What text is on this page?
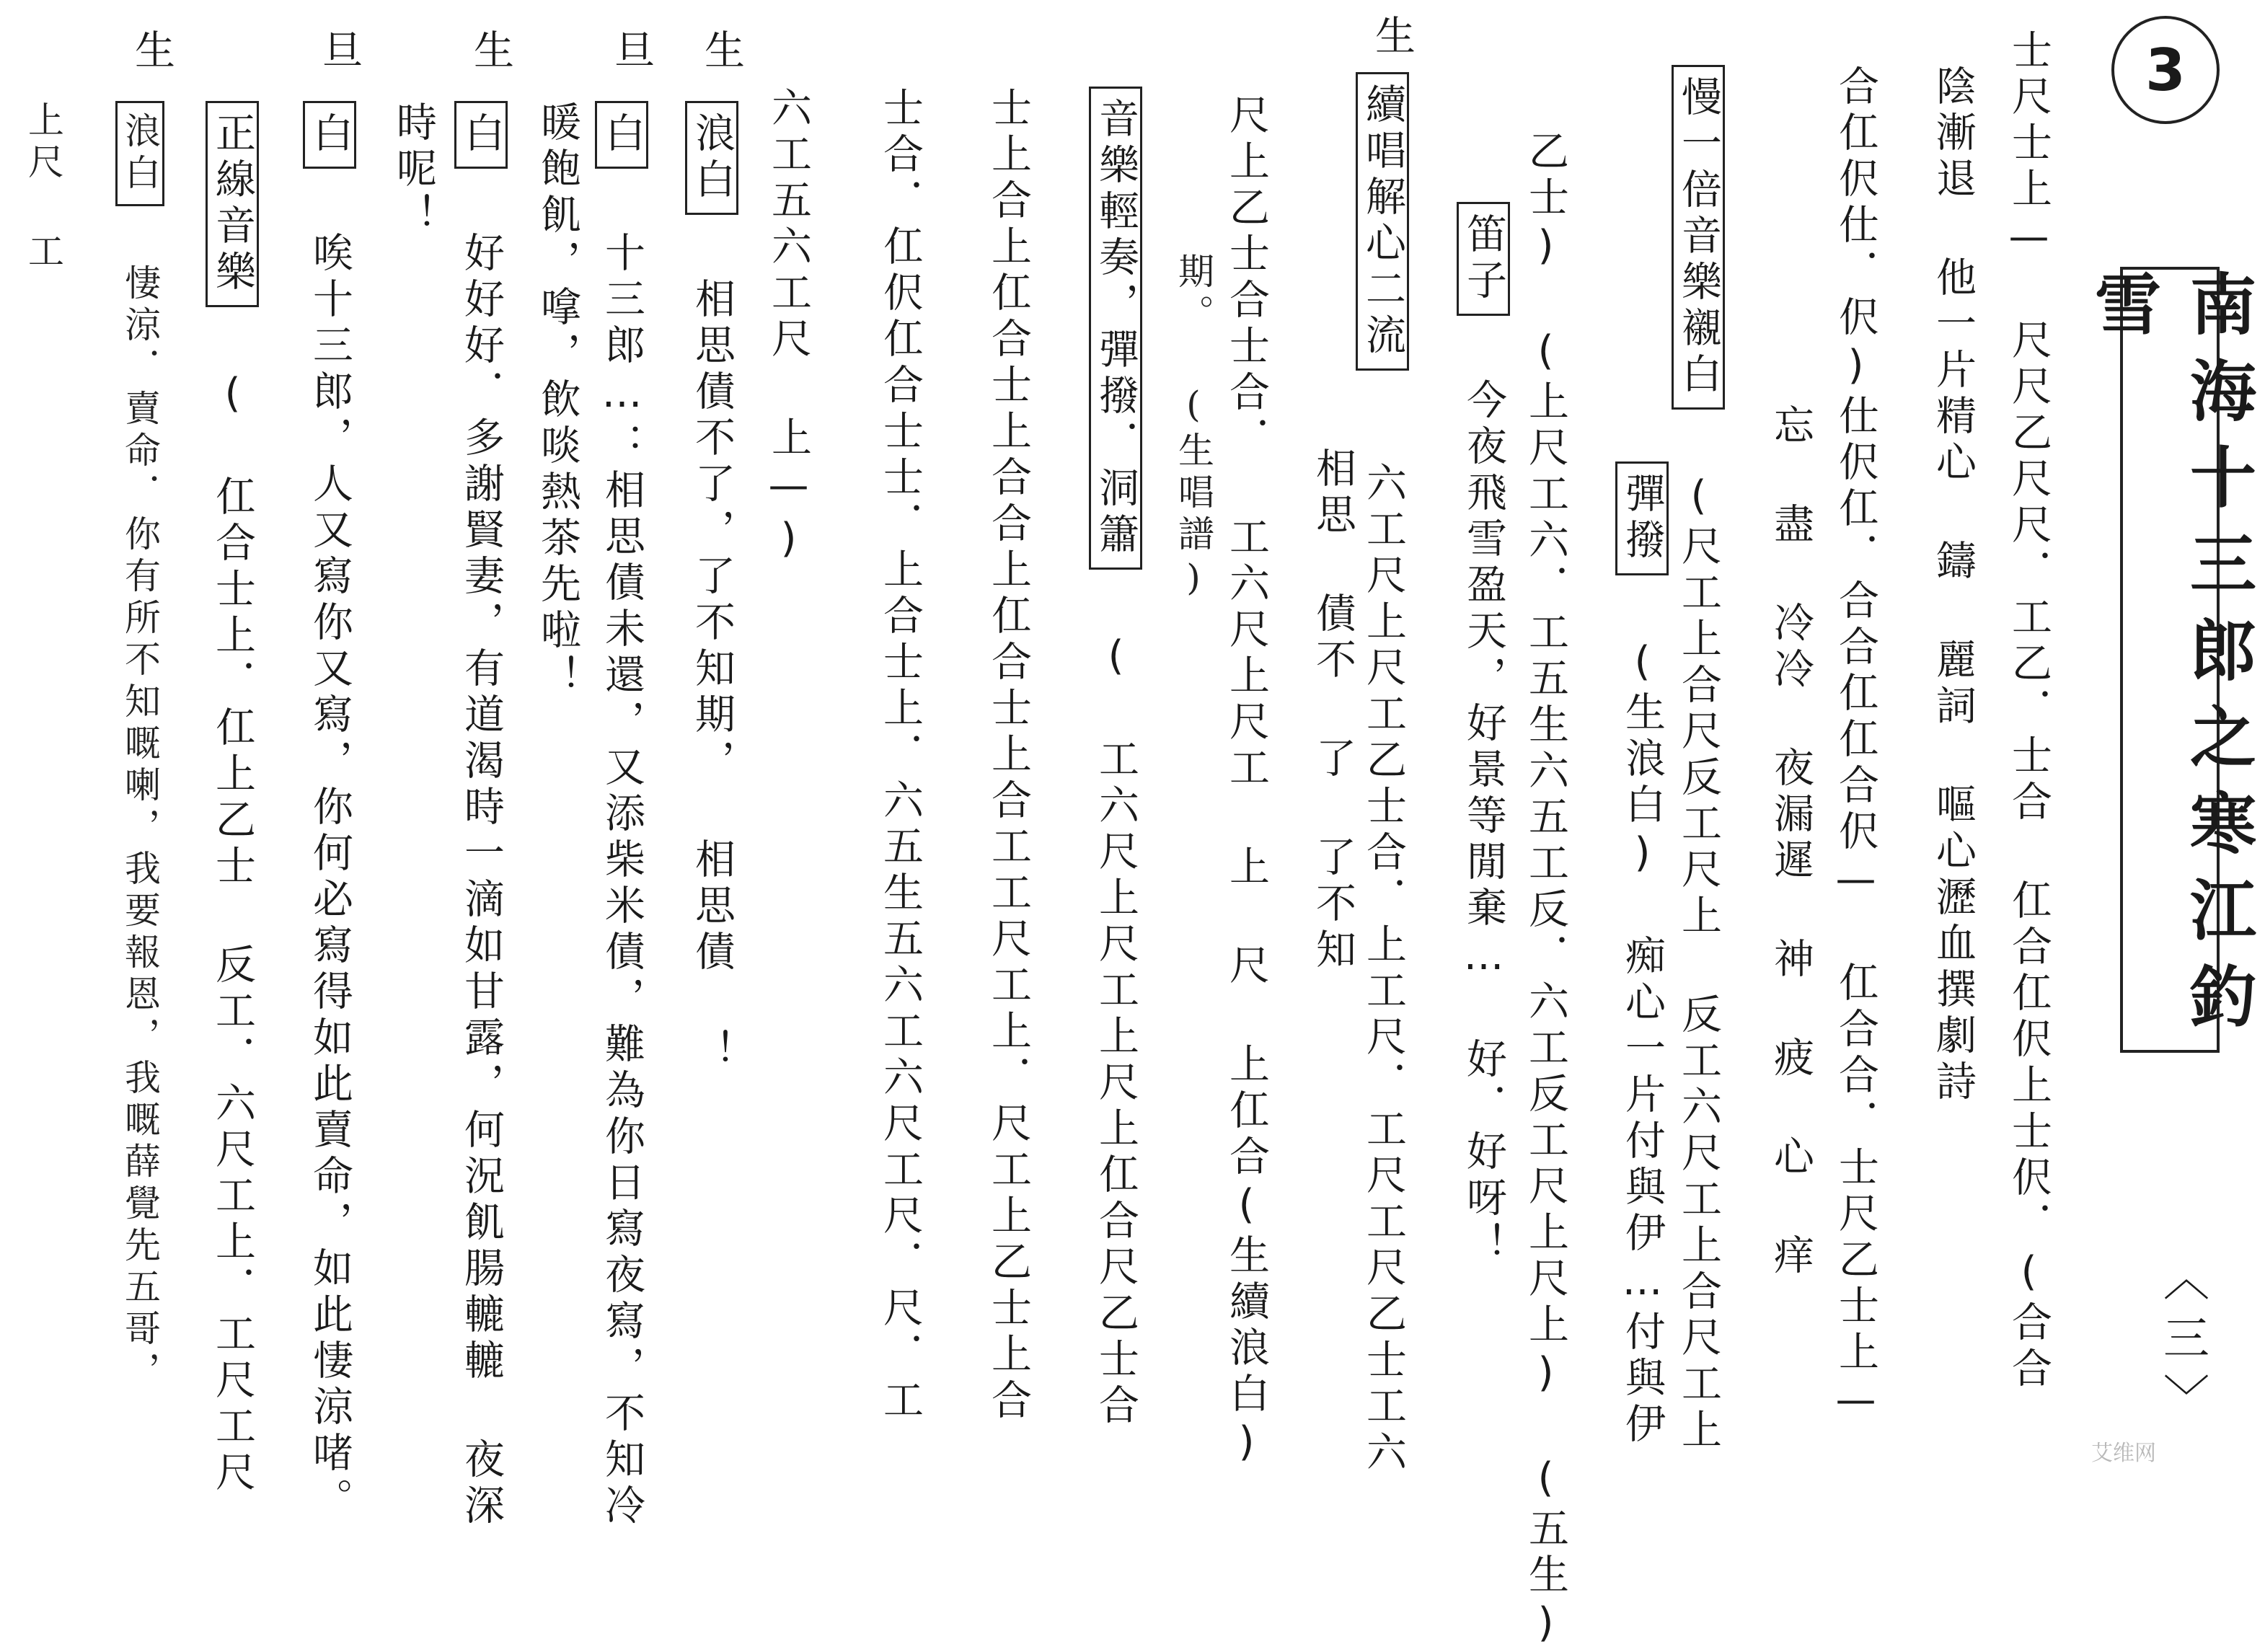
3
南海十三郎之寒江釣雪
〈三〉
士尺士上— 尺尺乙尺尺．工乙．士合 仜合仜伬上士伬．(合合
陰漸退 他一片精心 鑄 麗詞 嘔心瀝血撰劇詩
合仜伬仕．伬)仕伬仜．合合仜仜合伬— 仜合合．士尺乙士上—
忘 盡 冷冷 夜漏遲 神 疲 心 痒
慢一倍音樂襯白 (尺工上合尺反工尺上 反工六尺工上合尺工上
彈撥 (生浪白) 痴心一片付與伊…付與伊
乙士) (上尺工六．工五生六五工反．六工反工尺上尺上) (五生)
笛子 今夜飛雪盈天，好景等閒棄… 好．好呀！
生
續唱解心二流
六工尺上尺工乙士合．上工尺．工尺工尺乙士工六
相思 債不 了 了不知
尺上乙士合士合． 工六尺上尺工 上 尺 上仜合(生續浪白)
期。 (生唱譜)
音樂輕奏，彈撥．洞簫 ( 工六尺上尺工上尺上仜合尺乙士合
士上合上仜合士上合合上仜合士上合工工尺工上．尺工上乙士上合
士合．仜伬仜合士士．上合士上．六五生五六工六尺工尺．尺．工
六工五六工尺 上—)
生
浪白 相思債不了，了不知期， 相思債 ！
旦
白 十三郎…：相思債未還，又添柴米債，難為你日寫夜寫，不知冷
暖飽飢，嗱，飲啖熱茶先啦！
生
白 好好好．多謝賢妻，有道渴時一滴如甘露，何況飢腸轆轆 夜深
時呢！
旦
白 唉十三郎，人又寫你又寫，你何必寫得如此賣命，如此悽涼啫。
正線音樂 ( 仜合士上．仜上乙士 反工．六尺工上．工尺工尺
生
浪白 悽涼．賣命．你有所不知嘅喇，我要報恩，我嘅薛覺先五哥，
上尺 工
艾维网
